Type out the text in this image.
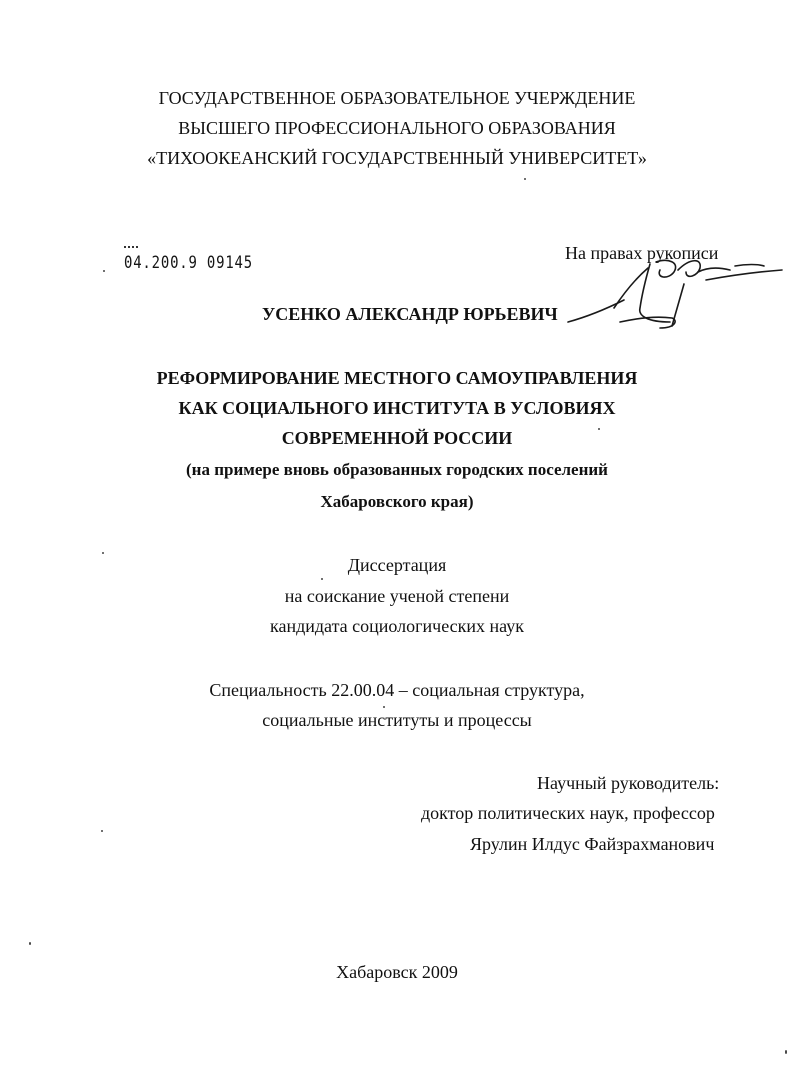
ГОСУДАРСТВЕННОЕ ОБРАЗОВАТЕЛЬНОЕ УЧЕРЖДЕНИЕ
ВЫСШЕГО ПРОФЕССИОНАЛЬНОГО ОБРАЗОВАНИЯ
«ТИХООКЕАНСКИЙ ГОСУДАРСТВЕННЫЙ УНИВЕРСИТЕТ»
На правах рукописи
04.200.9 09145
УСЕНКО АЛЕКСАНДР ЮРЬЕВИЧ
РЕФОРМИРОВАНИЕ МЕСТНОГО САМОУПРАВЛЕНИЯ
КАК СОЦИАЛЬНОГО ИНСТИТУТА В УСЛОВИЯХ
СОВРЕМЕННОЙ РОССИИ
(на примере вновь образованных городских поселений
Хабаровского края)
Диссертация
на соискание ученой степени
кандидата социологических наук
Специальность 22.00.04 – социальная структура,
социальные институты и процессы
Научный руководитель:
доктор политических наук, профессор
Ярулин Илдус Файзрахманович
Хабаровск 2009
